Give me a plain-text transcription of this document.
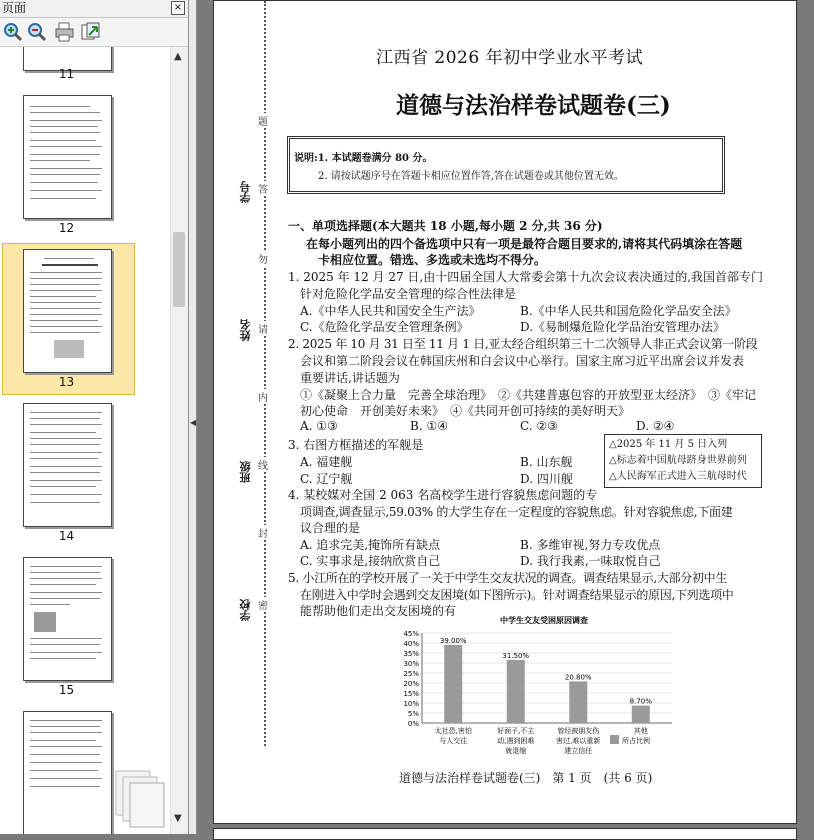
页面	×
11
12
13
14
15
▲
▼
◀
题
答
勿
请
内
线
封
密
学号
姓名
班级
学校
江西省 2026 年初中学业水平考试
道德与法治样卷试题卷(三)
说明:1. 本试题卷满分 80 分。
2. 请按试题序号在答题卡相应位置作答,答在试题卷或其他位置无效。
一、单项选择题(本大题共 18 小题,每小题 2 分,共 36 分)
在每小题列出的四个备选项中只有一项是最符合题目要求的,请将其代码填涂在答题
卡相应位置。错选、多选或未选均不得分。
1. 2025 年 12 月 27 日,由十四届全国人大常委会第十九次会议表决通过的,我国首部专门
针对危险化学品安全管理的综合性法律是
A.《中华人民共和国安全生产法》	B.《中华人民共和国危险化学品安全法》
C.《危险化学品安全管理条例》	D.《易制爆危险化学品治安管理办法》
2. 2025 年 10 月 31 日至 11 月 1 日,亚太经合组织第三十二次领导人非正式会议第一阶段
会议和第二阶段会议在韩国庆州和白会议中心举行。国家主席习近平出席会议并发表
重要讲话,讲话题为
①《凝聚上合力量　完善全球治理》　②《共建普惠包容的开放型亚太经济》　③《牢记
初心使命　开创美好未来》　④《共同开创可持续的美好明天》
A. ①③	B. ①④	C. ②③	D. ②④
3. 右图方框描述的军舰是
A. 福建舰	B. 山东舰
C. 辽宁舰	D. 四川舰
△2025 年 11 月 5 日入列
△标志着中国航母跻身世界前列
△人民海军正式进入三航母时代
4. 某校媒对全国 2 063 名高校学生进行容貌焦虑问题的专
项调查,调查显示,59.03% 的大学生存在一定程度的容貌焦虑。针对容貌焦虑,下面建
议合理的是
A. 追求完美,掩饰所有缺点	B. 多维审视,努力专攻优点
C. 实事求是,接纳欣赏自己	D. 我行我素,一味取悦自己
5. 小江所在的学校开展了一关于中学生交友状况的调查。调查结果显示,大部分初中生
在刚进入中学时会遇到交友困境(如下图所示)。针对调查结果显示的原因,下列选项中
能帮助他们走出交友困境的有
中学生交友受困原因调查
0%
5%
10%
15%
20%
25%
30%
35%
40%
45%
39.00%
太社恐,害怕
与人交往
31.50%
好面子,不主
动,遇到困难
就退缩
20.80%
曾经被朋友伤
害过,难以重新
建立信任
8.70%
其他
所占比例
道德与法治样卷试题卷(三)　第 1 页　(共 6 页)
